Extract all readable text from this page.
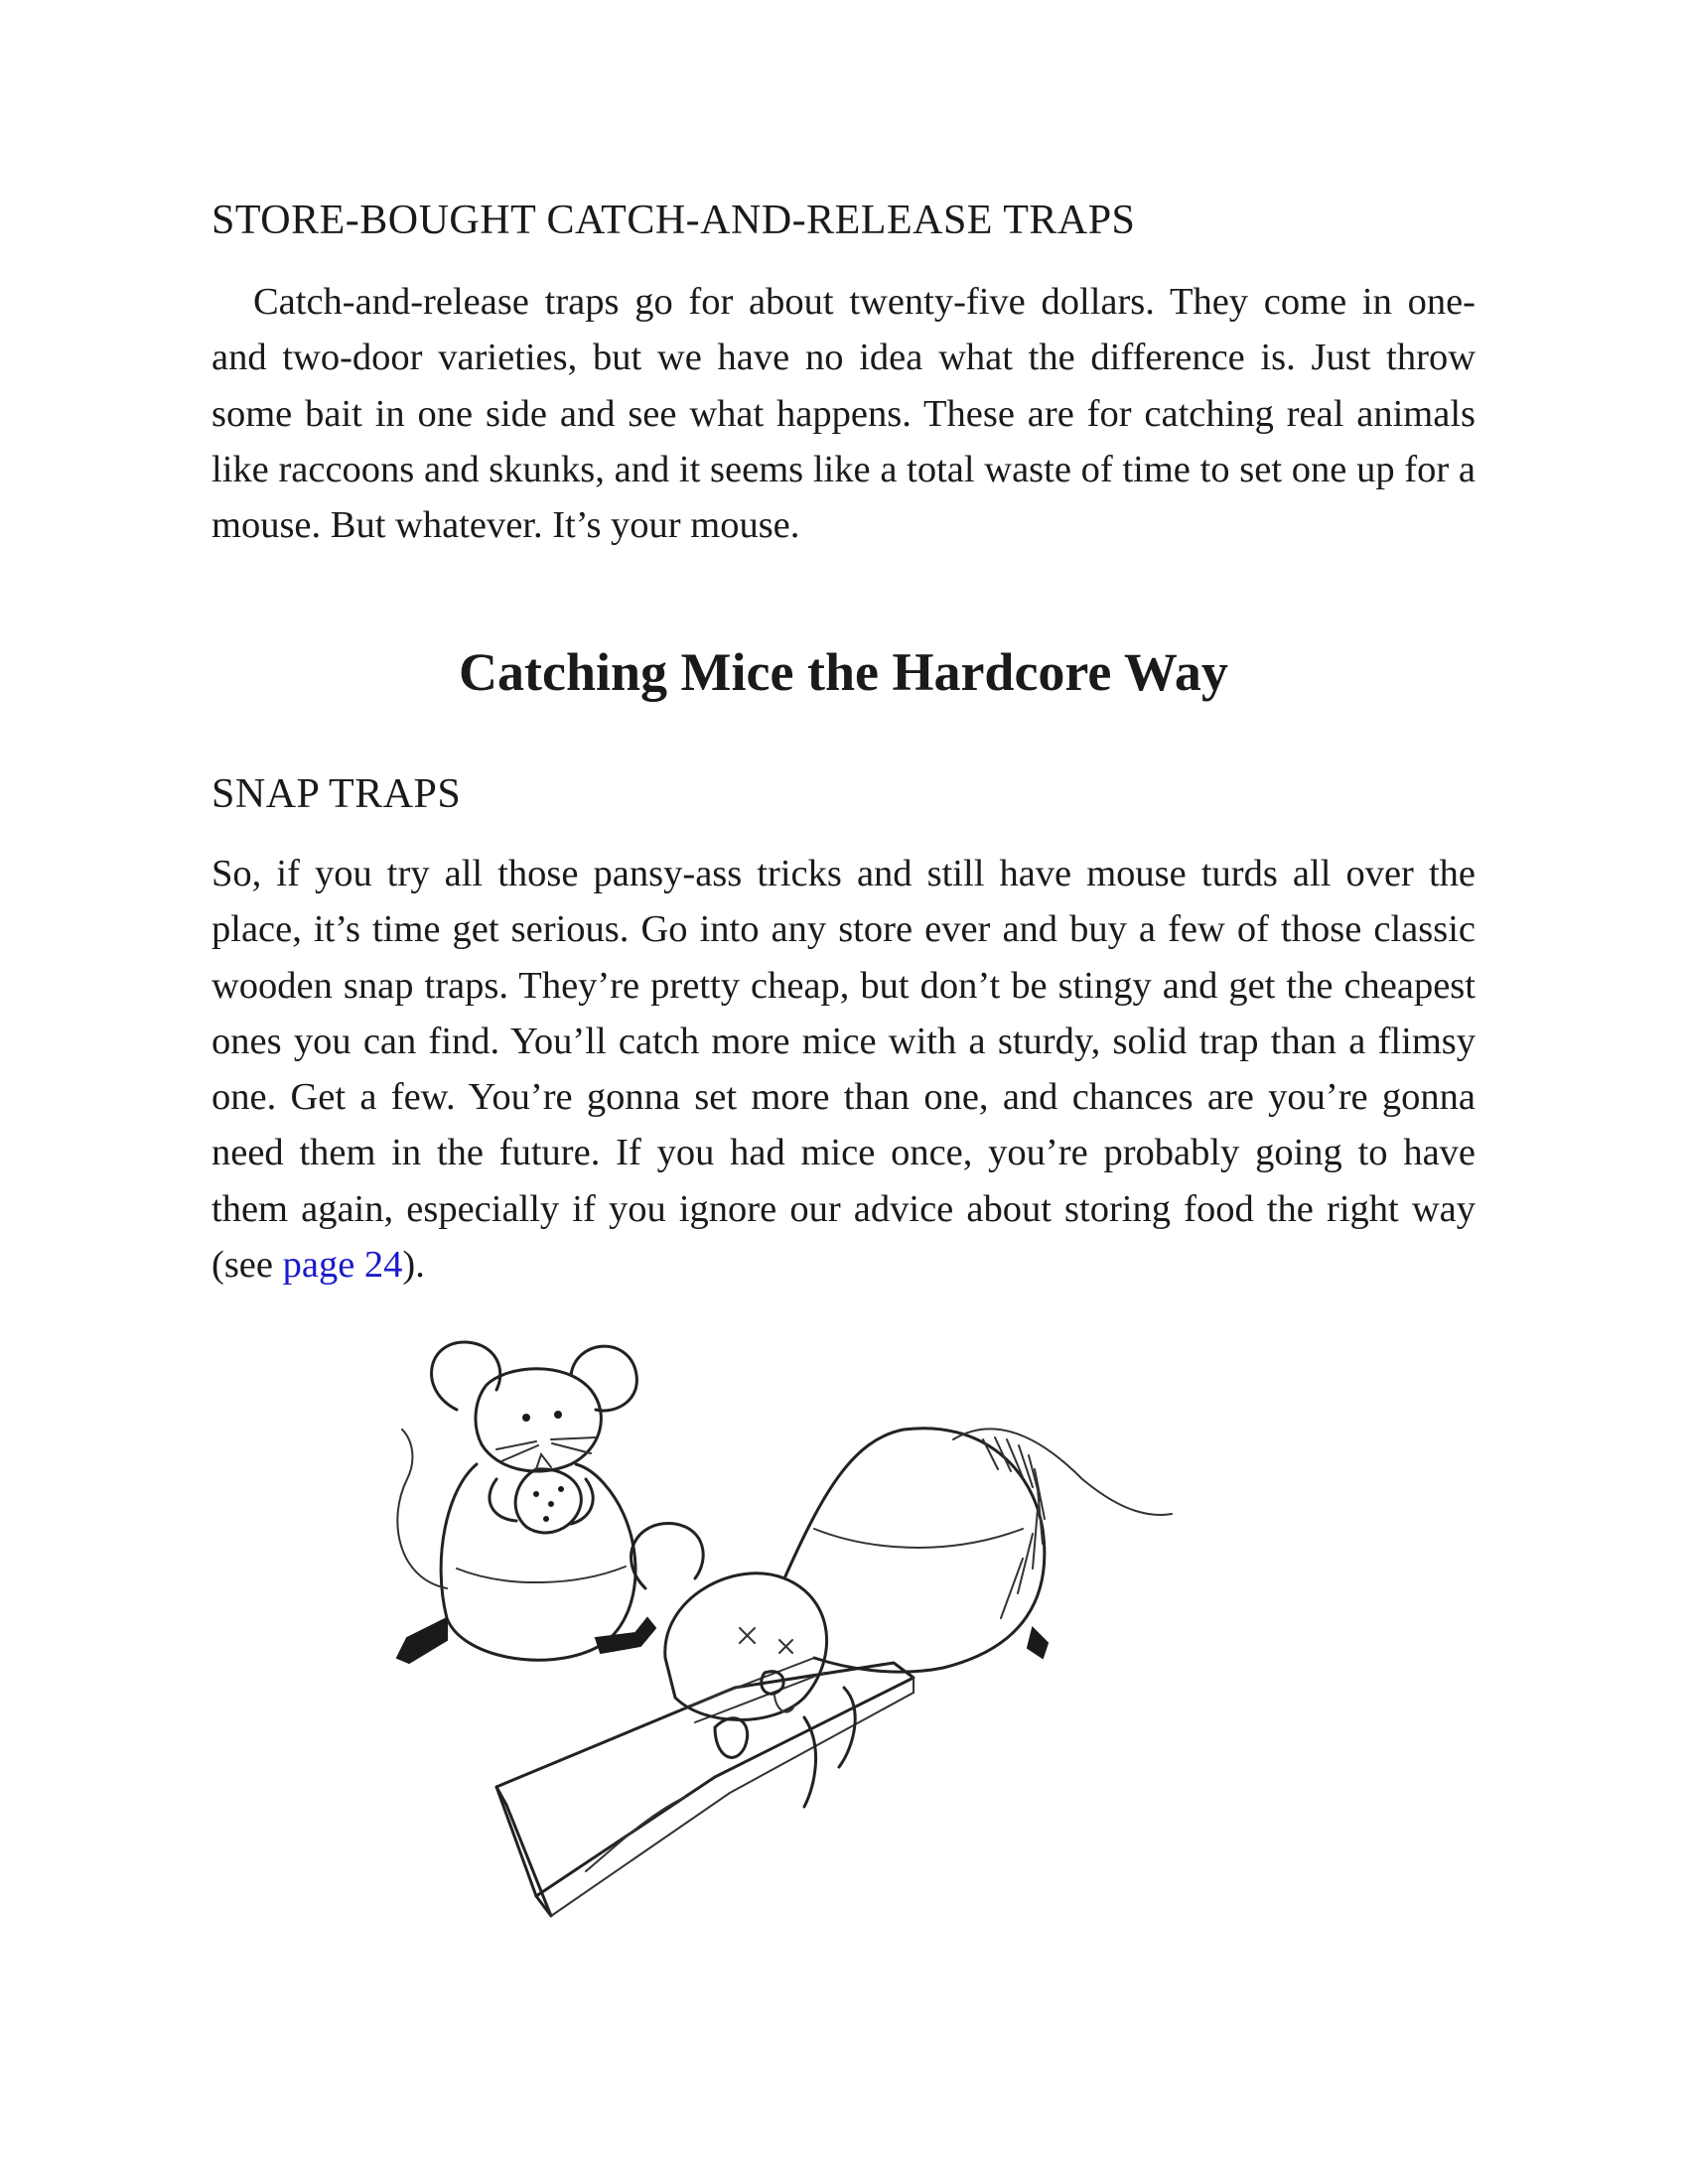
STORE-BOUGHT CATCH-AND-RELEASE TRAPS

Catch-and-release traps go for about twenty-five dollars. They come in one- and two-door varieties, but we have no idea what the difference is. Just throw some bait in one side and see what happens. These are for catching real animals like raccoons and skunks, and it seems like a total waste of time to set one up for a mouse. But whatever. It’s your mouse.

Catching Mice the Hardcore Way
SNAP TRAPS

So, if you try all those pansy-ass tricks and still have mouse turds all over the place, it’s time get serious. Go into any store ever and buy a few of those classic wooden snap traps. They’re pretty cheap, but don’t be stingy and get the cheapest ones you can find. You’ll catch more mice with a sturdy, solid trap than a flimsy one. Get a few. You’re gonna set more than one, and chances are you’re gonna need them in the future. If you had mice once, you’re probably going to have them again, especially if you ignore our advice about storing food the right way (see page 24).
